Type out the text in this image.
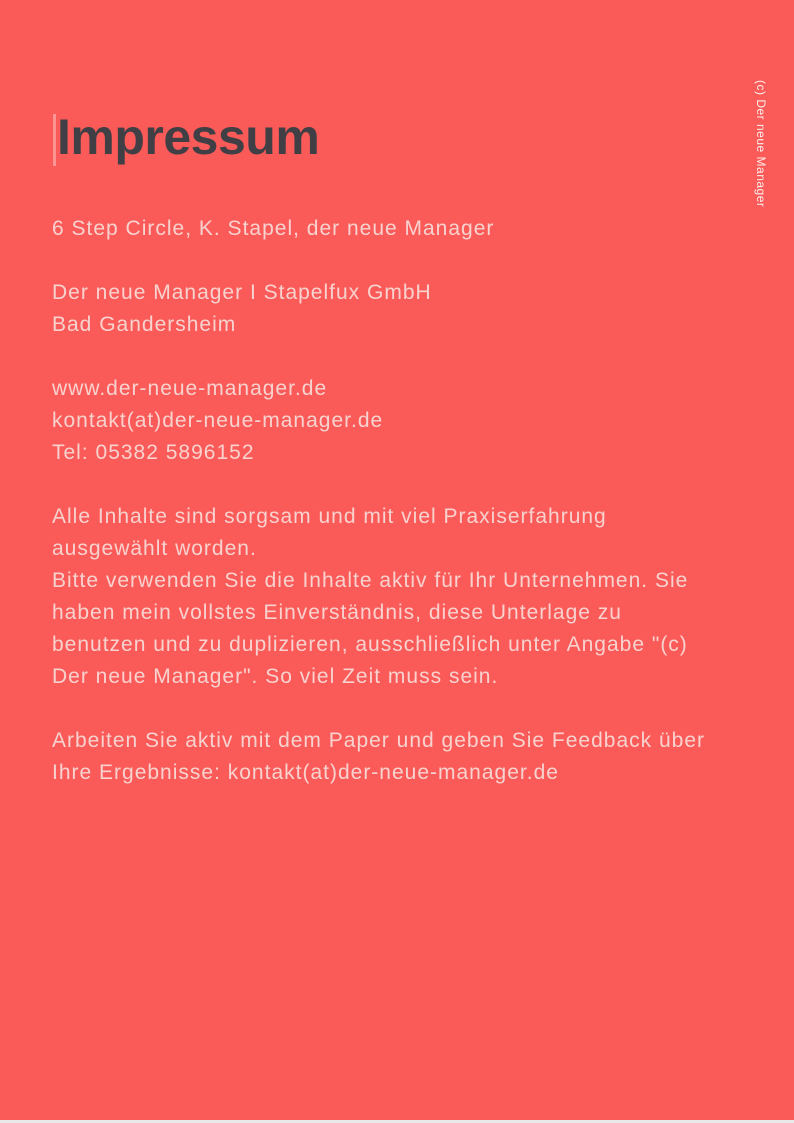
Impressum
6 Step Circle, K. Stapel, der neue Manager
Der neue Manager I Stapelfux GmbH
Bad Gandersheim
www.der-neue-manager.de
kontakt(at)der-neue-manager.de
Tel: 05382 5896152
Alle Inhalte sind sorgsam und mit viel Praxiserfahrung
ausgewählt worden.
Bitte verwenden Sie die Inhalte aktiv für Ihr Unternehmen. Sie
haben mein vollstes Einverständnis, diese Unterlage zu
benutzen und zu duplizieren, ausschließlich unter Angabe "(c)
Der neue Manager". So viel Zeit muss sein.
Arbeiten Sie aktiv mit dem Paper und geben Sie Feedback über
Ihre Ergebnisse: kontakt(at)der-neue-manager.de
(c) Der neue Manager
